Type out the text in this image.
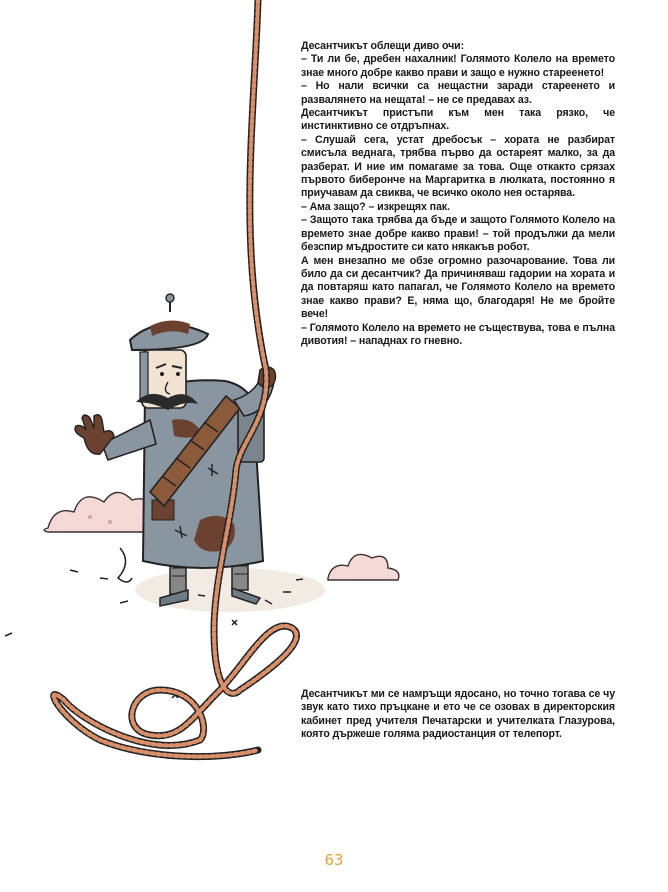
Десантчикът облещи диво очи:

– Ти ли бе, дребен нахалник! Голямото Колело на времето знае много добре какво прави и защо е нужно стареенето!

– Но нали всички са нещастни заради стареенето и развалянето на нещата! – не се предавах аз.

Десантчикът пристъпи към мен така рязко, че инстинктивно се отдръпнах.

– Слушай сега, устат дребосък – хората не разбират смисъла веднага, трябва първо да остареят малко, за да разберат. И ние им помагаме за това. Още откакто срязах първото биберонче на Маргаритка в люлката, постоянно я приучавам да свиква, че всичко около нея остарява.

– Ама защо? – изкрещях пак.

– Защото така трябва да бъде и защото Голямото Колело на времето знае добре какво прави! – той продължи да мели безспир мъдростите си като някакъв робот.

А мен внезапно ме обзе огромно разочарование. Това ли било да си десантчик? Да причиняваш гадории на хората и да повтаряш като папагал, че Голямото Колело на времето знае какво прави? Е, няма що, благодаря! Не ме бройте вече!

– Голямото Колело на времето не съществува, това е пълна дивотия! – нападнах го гневно.

Десантчикът ми се намръщи ядосано, но точно тогава се чу звук като тихо пръцкане и ето че се озовах в директорския кабинет пред учителя Печатарски и учителката Глазурова, която държеше голяма радиостанция от телепорт.

63
